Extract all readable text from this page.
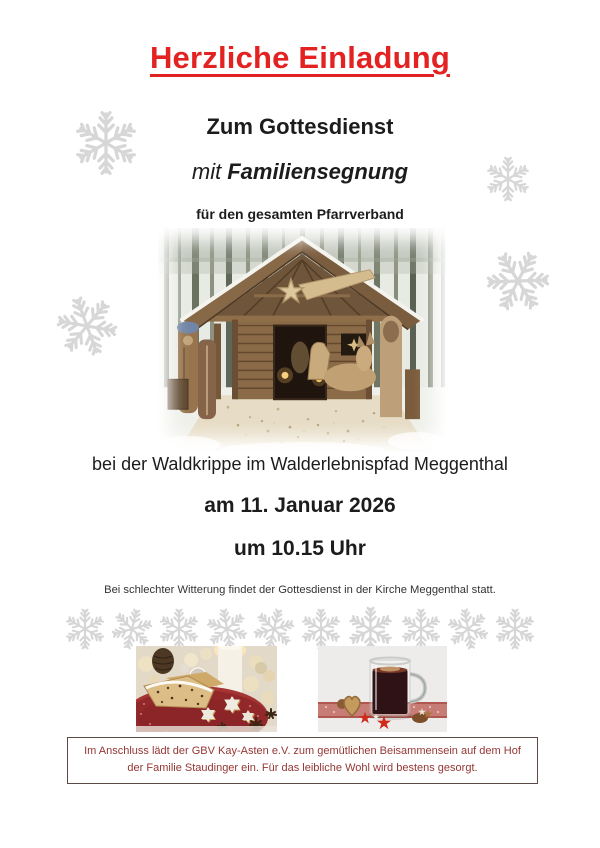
Herzliche Einladung

Zum Gottesdienst

mit Familiensegnung

für den gesamten Pfarrverband

bei der Waldkrippe im Walderlebnispfad Meggenthal

am 11. Januar 2026

um 10.15 Uhr

Bei schlechter Witterung findet der Gottesdienst in der Kirche Meggenthal statt.

Im Anschluss lädt der GBV Kay-Asten e.V. zum gemütlichen Beisammensein auf dem Hof der Familie Staudinger ein. Für das leibliche Wohl wird bestens gesorgt.
